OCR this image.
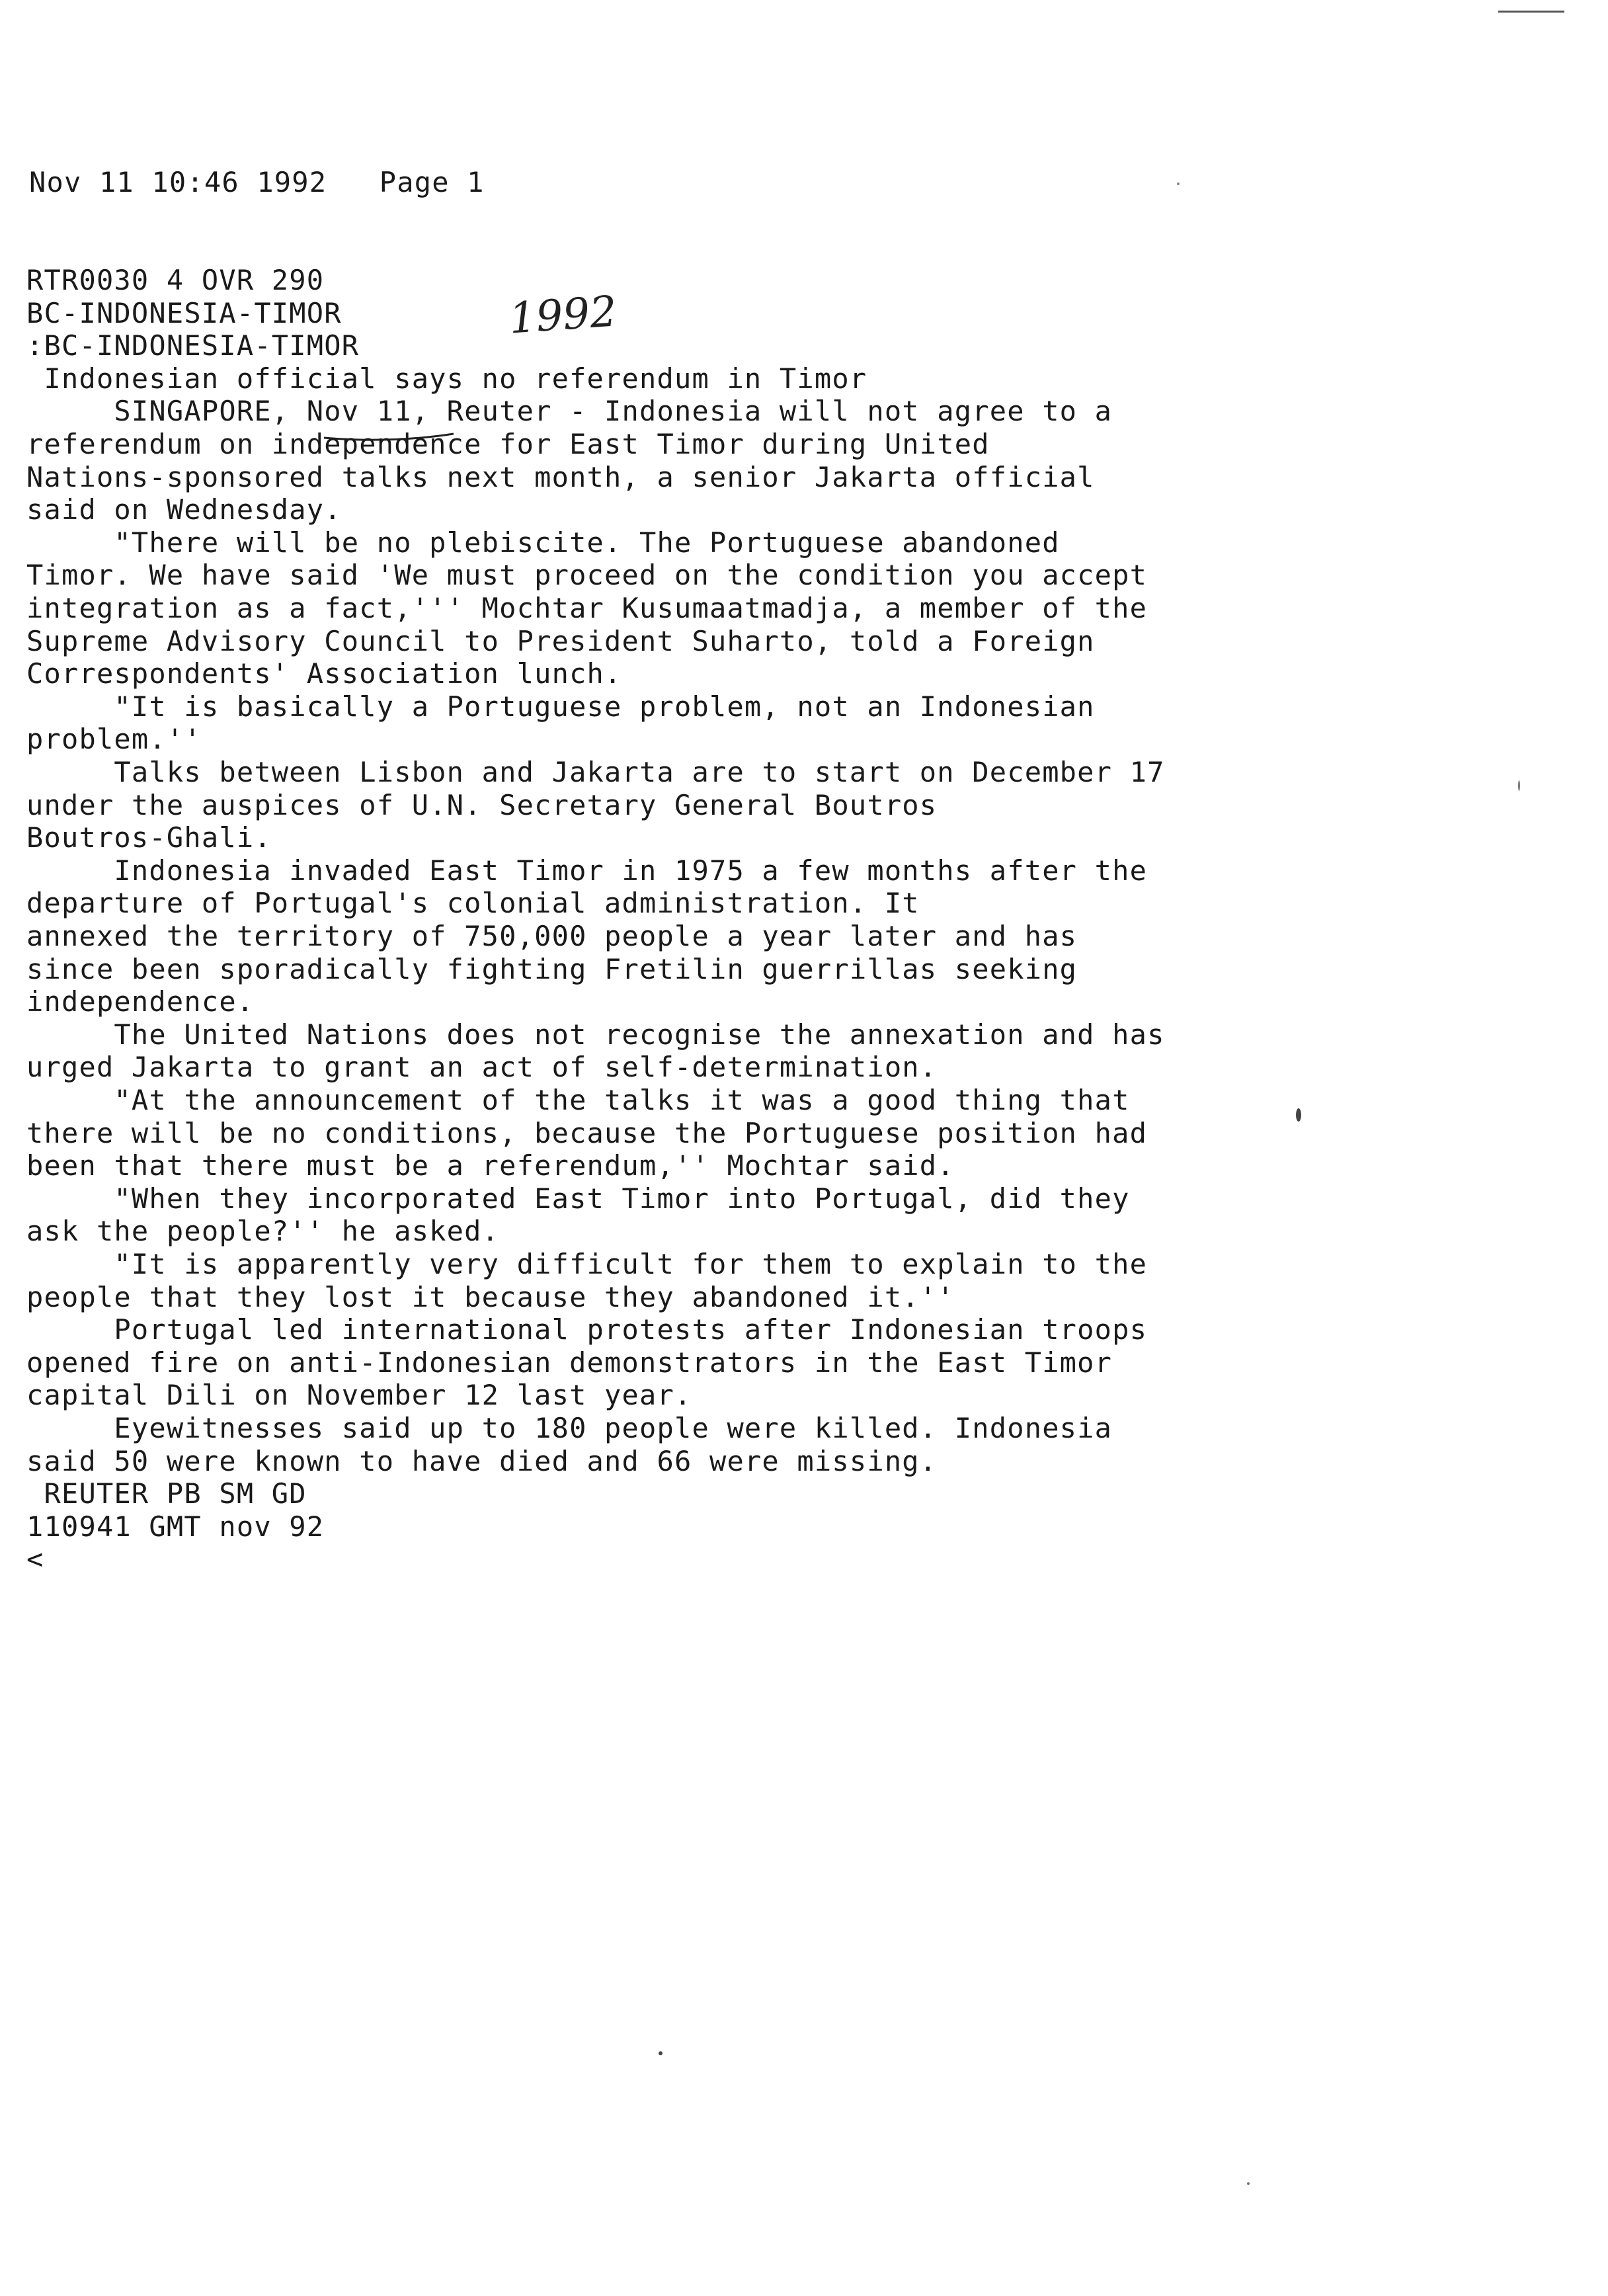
Nov 11 10:46 1992 Page 1
1992
RTR0030 4 OVR 290
BC-INDONESIA-TIMOR
:BC-INDONESIA-TIMOR
Indonesian official says no referendum in Timor
SINGAPORE, Nov 11, Reuter - Indonesia will not agree to a
referendum on independence for East Timor during United
Nations-sponsored talks next month, a senior Jakarta official
said on Wednesday.
"There will be no plebiscite. The Portuguese abandoned
Timor. We have said 'We must proceed on the condition you accept
integration as a fact,''' Mochtar Kusumaatmadja, a member of the
Supreme Advisory Council to President Suharto, told a Foreign
Correspondents' Association lunch.
"It is basically a Portuguese problem, not an Indonesian
problem.''
Talks between Lisbon and Jakarta are to start on December 17
under the auspices of U.N. Secretary General Boutros
Boutros-Ghali.
Indonesia invaded East Timor in 1975 a few months after the
departure of Portugal's colonial administration. It
annexed the territory of 750,000 people a year later and has
since been sporadically fighting Fretilin guerrillas seeking
independence.
The United Nations does not recognise the annexation and has
urged Jakarta to grant an act of self-determination.
"At the announcement of the talks it was a good thing that
there will be no conditions, because the Portuguese position had
been that there must be a referendum,'' Mochtar said.
"When they incorporated East Timor into Portugal, did they
ask the people?'' he asked.
"It is apparently very difficult for them to explain to the
people that they lost it because they abandoned it.''
Portugal led international protests after Indonesian troops
opened fire on anti-Indonesian demonstrators in the East Timor
capital Dili on November 12 last year.
Eyewitnesses said up to 180 people were killed. Indonesia
said 50 were known to have died and 66 were missing.
REUTER PB SM GD
110941 GMT nov 92
<
